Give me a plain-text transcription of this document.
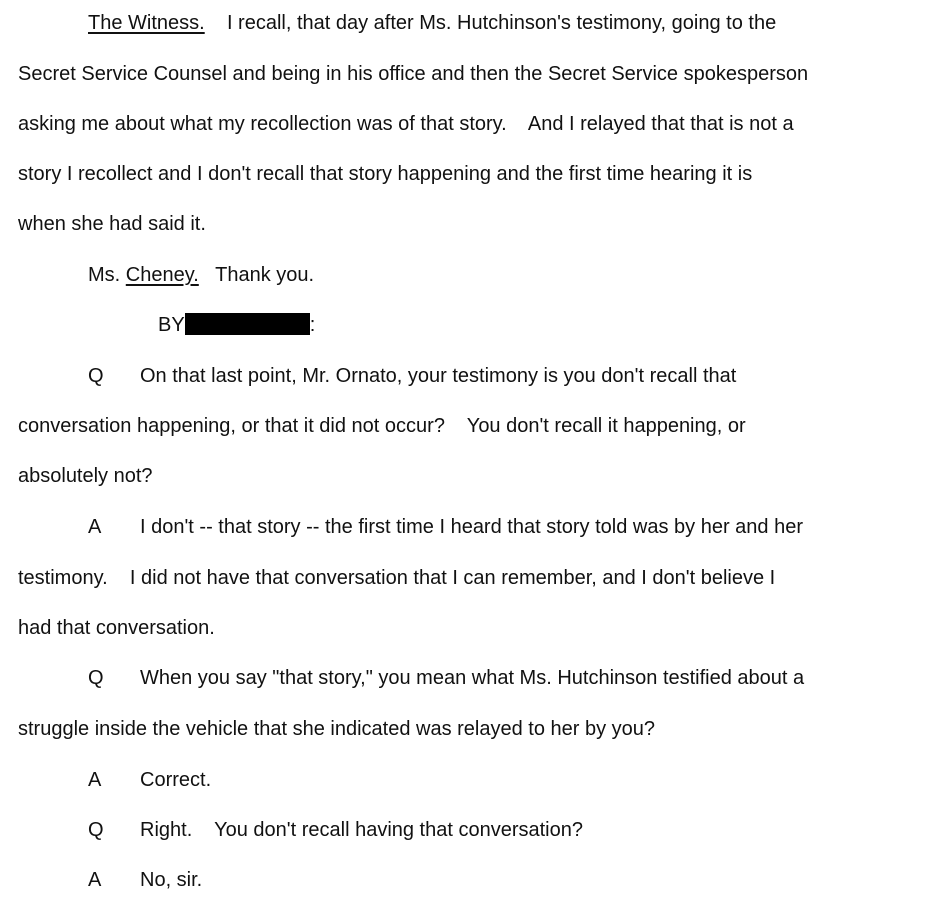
The Witness. I recall, that day after Ms. Hutchinson's testimony, going to the
Secret Service Counsel and being in his office and then the Secret Service spokesperson
asking me about what my recollection was of that story.    And I relayed that that is not a
story I recollect and I don't recall that story happening and the first time hearing it is
when she had said it.
Ms. Cheney. Thank you.
BY	:
Q On that last point, Mr. Ornato, your testimony is you don't recall that
conversation happening, or that it did not occur?    You don't recall it happening, or
absolutely not?
A I don't -- that story -- the first time I heard that story told was by her and her
testimony.    I did not have that conversation that I can remember, and I don't believe I
had that conversation.
Q When you say "that story," you mean what Ms. Hutchinson testified about a
struggle inside the vehicle that she indicated was relayed to her by you?
A Correct.
Q Right.    You don't recall having that conversation?
A No, sir.
